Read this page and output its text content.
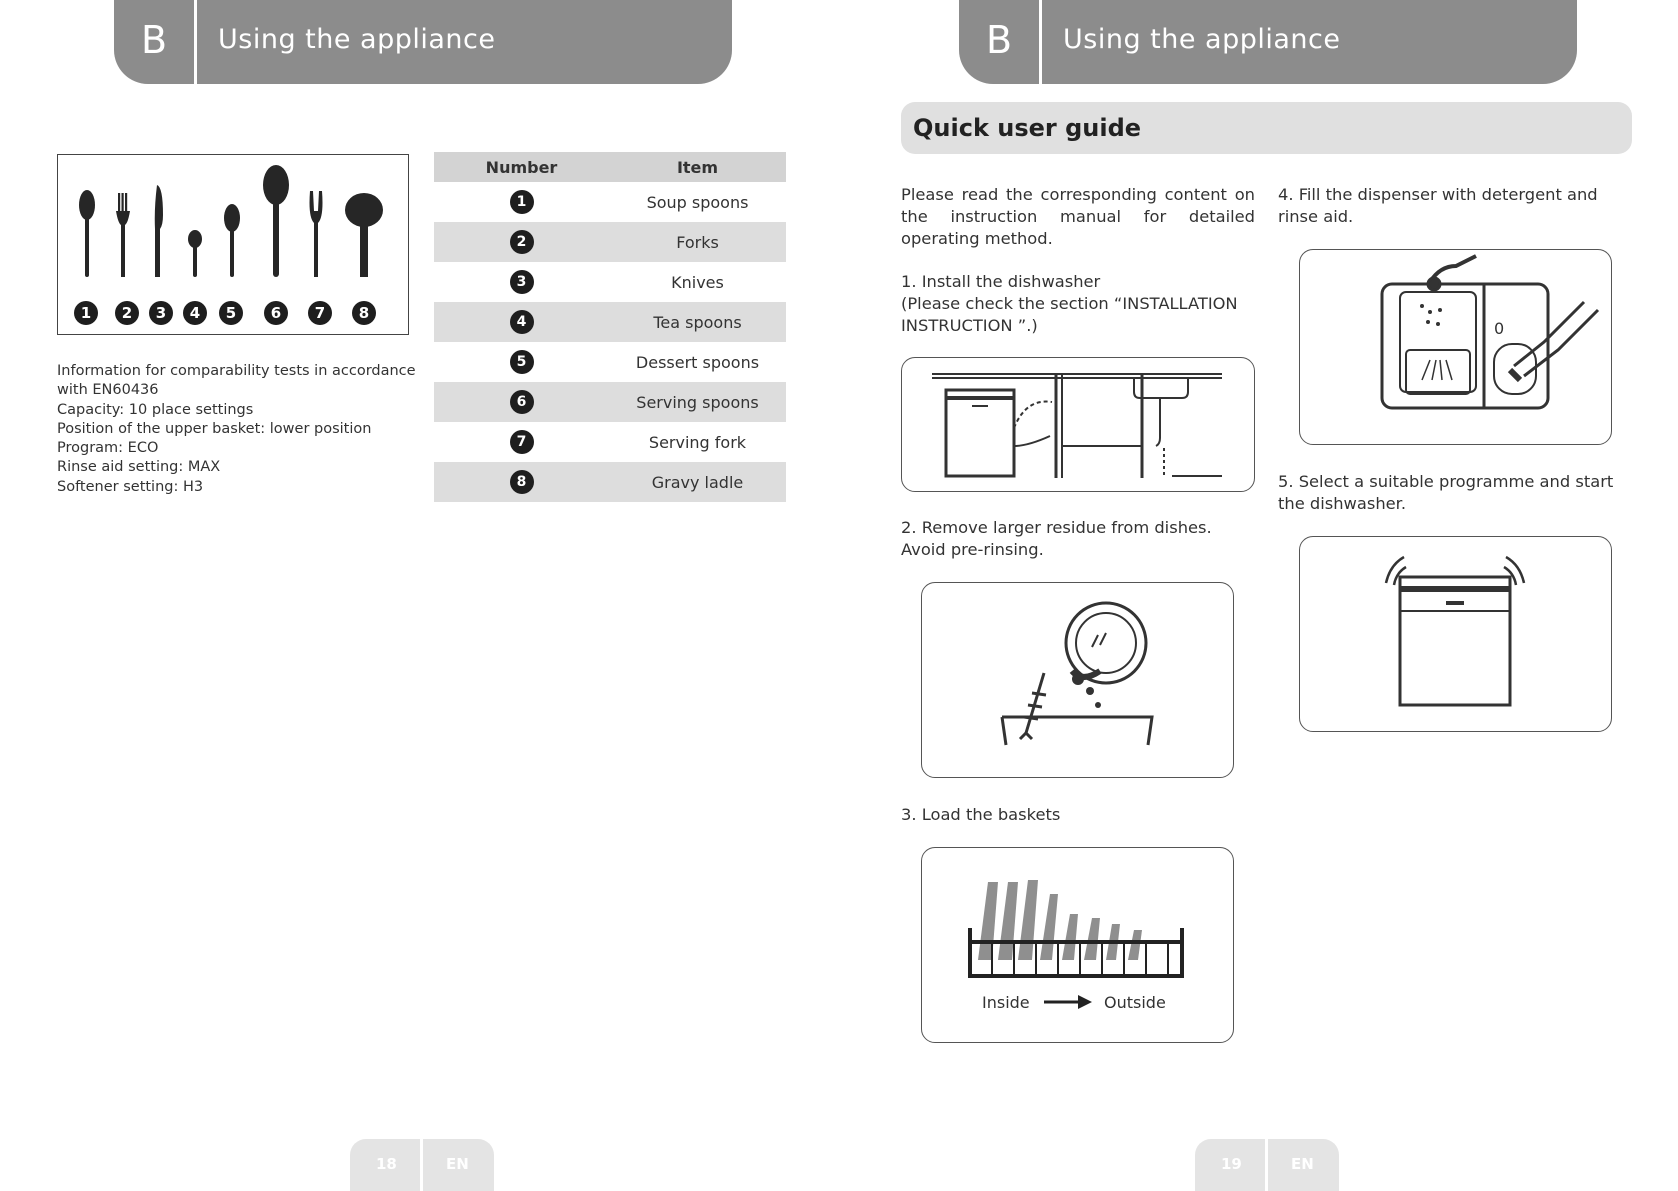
B	Using the appliance
1 2 3 4 5 6 7 8
Information for comparability tests in accordance
with EN60436
Capacity: 10 place settings
Position of the upper basket: lower position
Program: ECO
Rinse aid setting: MAX
Softener setting: H3
Number	Item
1	Soup spoons
2	Forks
3	Knives
4	Tea spoons
5	Dessert spoons
6	Serving spoons
7	Serving fork
8	Gravy ladle
18	EN
B	Using the appliance
Quick user guide
Please read the corresponding content on the instruction manual for detailed operating method.
1. Install the dishwasher
(Please check the section “INSTALLATION INSTRUCTION ”.)
2. Remove larger residue from dishes. Avoid pre-rinsing.
3. Load the baskets
Inside	Outside
4. Fill the dispenser with detergent and rinse aid.
0
5. Select a suitable programme and start the dishwasher.
19	EN
